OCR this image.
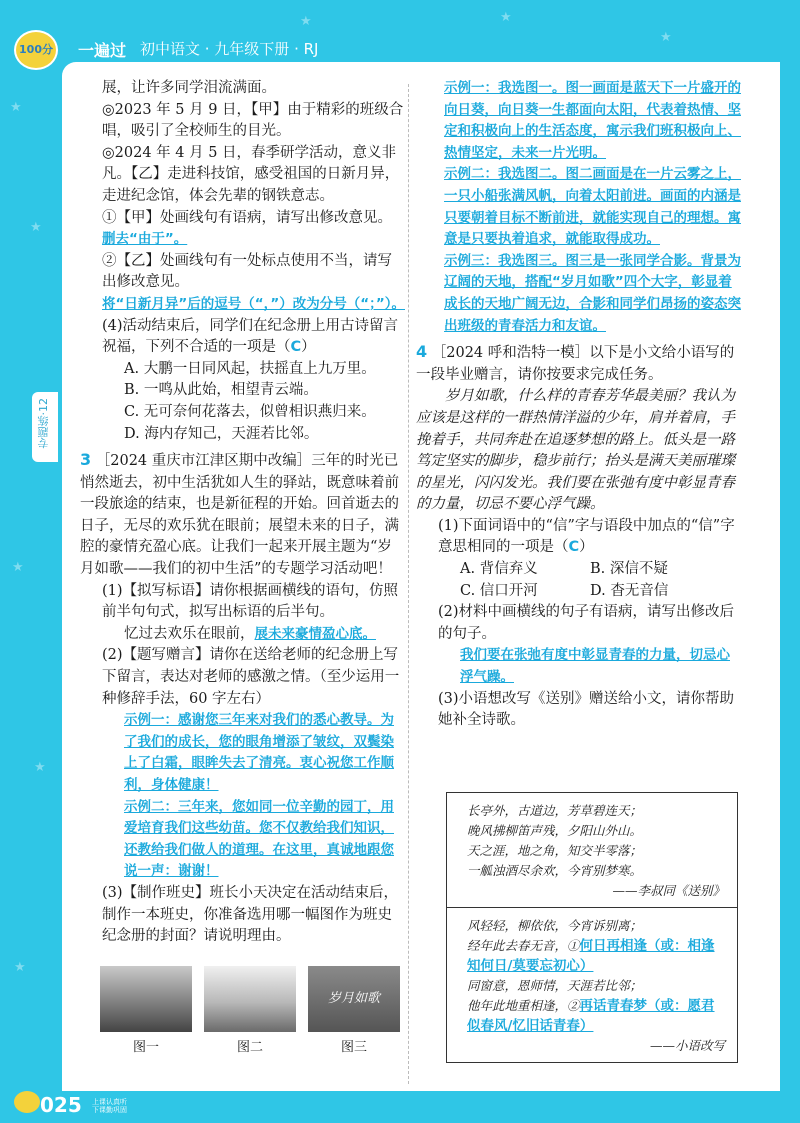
★
★
★
★
★
★
★
★
100分	一遍过 初中语文 · 九年级下册 · RJ
专题练·12

展，让许多同学泪流满面。

◎2023 年 5 月 9 日，【甲】由于精彩的班级合唱，吸引了全校师生的目光。

◎2024 年 4 月 5 日，春季研学活动，意义非凡。【乙】走进科技馆，感受祖国的日新月异，走进纪念馆，体会先辈的钢铁意志。

①【甲】处画线句有语病，请写出修改意见。

删去“由于”。

②【乙】处画线句有一处标点使用不当，请写出修改意见。

将“日新月异”后的逗号（“，”）改为分号（“；”）。

(4)活动结束后，同学们在纪念册上用古诗留言祝福，下列不合适的一项是（C）

A. 大鹏一日同风起，扶摇直上九万里。

B. 一鸣从此始，相望青云端。

C. 无可奈何花落去，似曾相识燕归来。

D. 海内存知己，天涯若比邻。

3 ［2024 重庆市江津区期中改编］三年的时光已悄然逝去，初中生活犹如人生的驿站，既意味着前一段旅途的结束，也是新征程的开始。回首逝去的日子，无尽的欢乐犹在眼前；展望未来的日子，满腔的豪情充盈心底。让我们一起来开展主题为“岁月如歌——我们的初中生活”的专题学习活动吧！

(1)【拟写标语】请你根据画横线的语句，仿照前半句句式，拟写出标语的后半句。

忆过去欢乐在眼前，展未来豪情盈心底。

(2)【题写赠言】请你在送给老师的纪念册上写下留言，表达对老师的感激之情。（至少运用一种修辞手法，60 字左右）

示例一：感谢您三年来对我们的悉心教导。为了我们的成长，您的眼角增添了皱纹，双鬓染上了白霜，眼眸失去了清亮。衷心祝您工作顺利，身体健康！

示例二：三年来，您如同一位辛勤的园丁，用爱培育我们这些幼苗。您不仅教给我们知识，还教给我们做人的道理。在这里，真诚地跟您说一声：谢谢！

(3)【制作班史】班长小天决定在活动结束后，制作一本班史，你准备选用哪一幅图作为班史纪念册的封面？请说明理由。

岁月如歌
图一	图二	图三

示例一：我选图一。图一画面是蓝天下一片盛开的向日葵，向日葵一生都面向太阳，代表着热情、坚定和积极向上的生活态度，寓示我们班积极向上、热情坚定，未来一片光明。

示例二：我选图二。图二画面是在一片云雾之上，一只小船张满风帆，向着太阳前进。画面的内涵是只要朝着目标不断前进，就能实现自己的理想。寓意是只要执着追求，就能取得成功。

示例三：我选图三。图三是一张同学合影。背景为辽阔的天地，搭配“岁月如歌”四个大字，彰显着成长的天地广阔无边，合影和同学们昂扬的姿态突出班级的青春活力和友谊。

4 ［2024 呼和浩特一模］以下是小文给小语写的一段毕业赠言，请你按要求完成任务。

岁月如歌，什么样的青春芳华最美丽？我认为应该是这样的一群热情洋溢的少年，肩并着肩，手挽着手，共同奔赴在追逐梦想的路上。低头是一路笃定坚实的脚步，稳步前行；抬头是满天美丽璀璨的星光，闪闪发光。我们要在张弛有度中彰显青春的力量，切忌不要心浮气躁。

(1)下面词语中的“信”字与语段中加点的“信”字意思相同的一项是（C）

A. 背信弃义	B. 深信不疑

C. 信口开河	D. 杳无音信

(2)材料中画横线的句子有语病，请写出修改后的句子。

我们要在张弛有度中彰显青春的力量，切忌心浮气躁。

(3)小语想改写《送别》赠送给小文，请你帮助她补全诗歌。

长亭外，古道边，芳草碧连天；

晚风拂柳笛声残，夕阳山外山。

天之涯，地之角，知交半零落；

一觚浊酒尽余欢，今宵别梦寒。

——李叔同《送别》

风轻轻，柳依依，今宵诉别离；

经年此去春无音，①何日再相逢（或：相逢知何日/莫要忘初心）

同窗意，恩师情，天涯若比邻；

他年此地重相逢，②再话青春梦（或：愿君似春风/忆旧话青春）

——小语改写

025 上课认真听 下课勤巩固
